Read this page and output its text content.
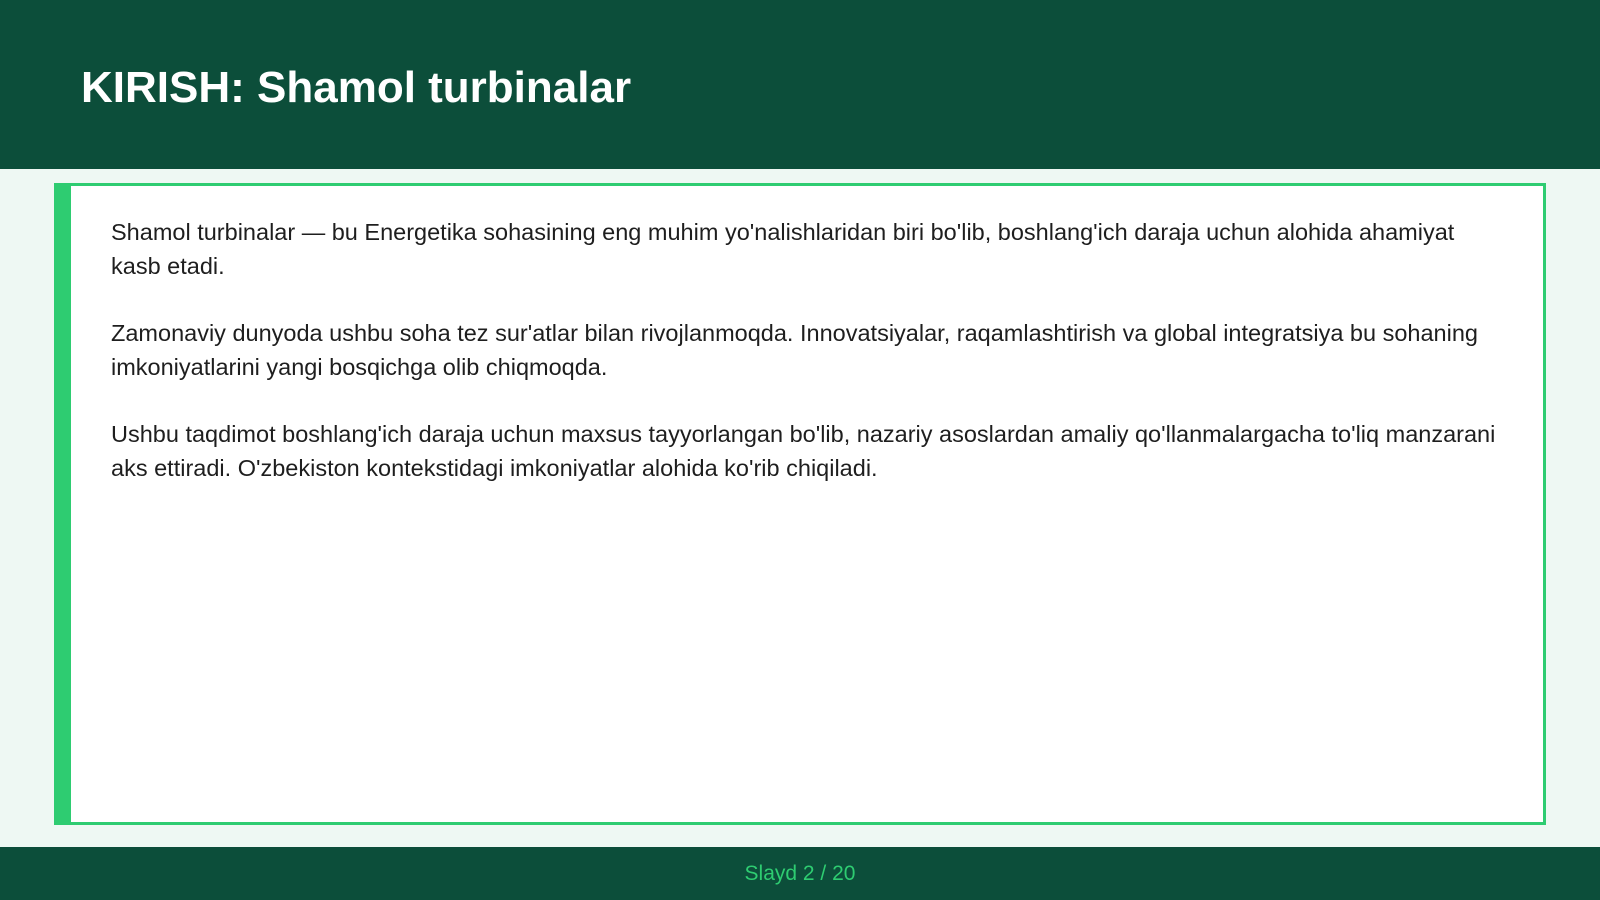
KIRISH: Shamol turbinalar

Shamol turbinalar — bu Energetika sohasining eng muhim yo'nalishlaridan biri bo'lib, boshlang'ich daraja uchun alohida ahamiyat kasb etadi.

Zamonaviy dunyoda ushbu soha tez sur'atlar bilan rivojlanmoqda. Innovatsiyalar, raqamlashtirish va global integratsiya bu sohaning imkoniyatlarini yangi bosqichga olib chiqmoqda.

Ushbu taqdimot boshlang'ich daraja uchun maxsus tayyorlangan bo'lib, nazariy asoslardan amaliy qo'llanmalargacha to'liq manzarani aks ettiradi. O'zbekiston kontekstidagi imkoniyatlar alohida ko'rib chiqiladi.

Slayd 2 / 20
